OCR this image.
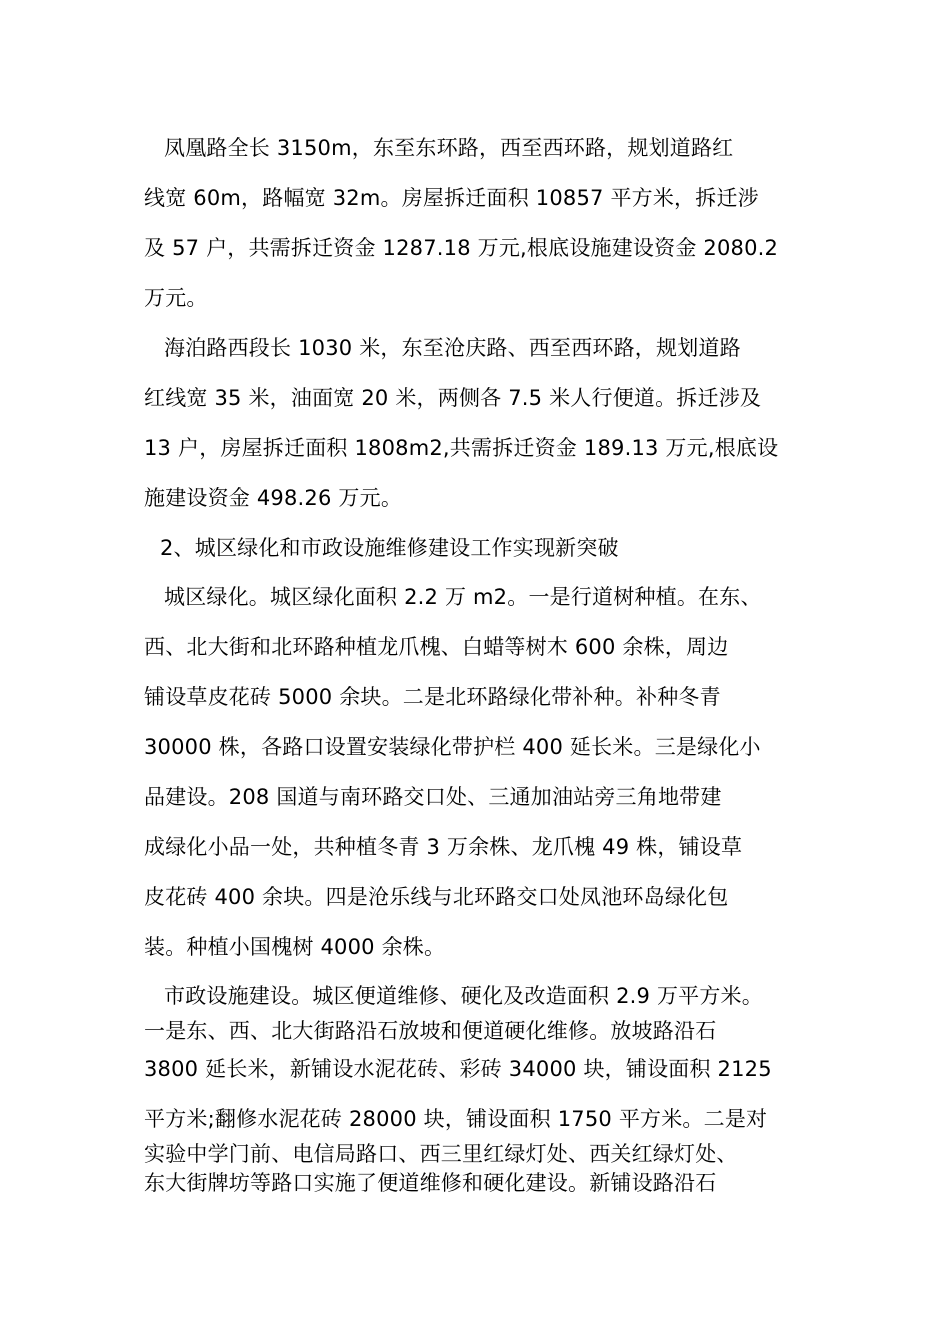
凤凰路全长 3150m，东至东环路，西至西环路，规划道路红
线宽 60m，路幅宽 32m。房屋拆迁面积 10857 平方米，拆迁涉
及 57 户，共需拆迁资金 1287.18 万元,根底设施建设资金 2080.2
万元。
海泊路西段长 1030 米，东至沧庆路、西至西环路，规划道路
红线宽 35 米，油面宽 20 米，两侧各 7.5 米人行便道。拆迁涉及
13 户，房屋拆迁面积 1808m2,共需拆迁资金 189.13 万元,根底设
施建设资金 498.26 万元。
2、城区绿化和市政设施维修建设工作实现新突破
城区绿化。城区绿化面积 2.2 万 m2。一是行道树种植。在东、
西、北大街和北环路种植龙爪槐、白蜡等树木 600 余株，周边
铺设草皮花砖 5000 余块。二是北环路绿化带补种。补种冬青
30000 株，各路口设置安装绿化带护栏 400 延长米。三是绿化小
品建设。208 国道与南环路交口处、三通加油站旁三角地带建
成绿化小品一处，共种植冬青 3 万余株、龙爪槐 49 株，铺设草
皮花砖 400 余块。四是沧乐线与北环路交口处凤池环岛绿化包
装。种植小国槐树 4000 余株。
市政设施建设。城区便道维修、硬化及改造面积 2.9 万平方米。
一是东、西、北大街路沿石放坡和便道硬化维修。放坡路沿石
3800 延长米，新铺设水泥花砖、彩砖 34000 块，铺设面积 2125
平方米;翻修水泥花砖 28000 块，铺设面积 1750 平方米。二是对
实验中学门前、电信局路口、西三里红绿灯处、西关红绿灯处、
东大街牌坊等路口实施了便道维修和硬化建设。新铺设路沿石
